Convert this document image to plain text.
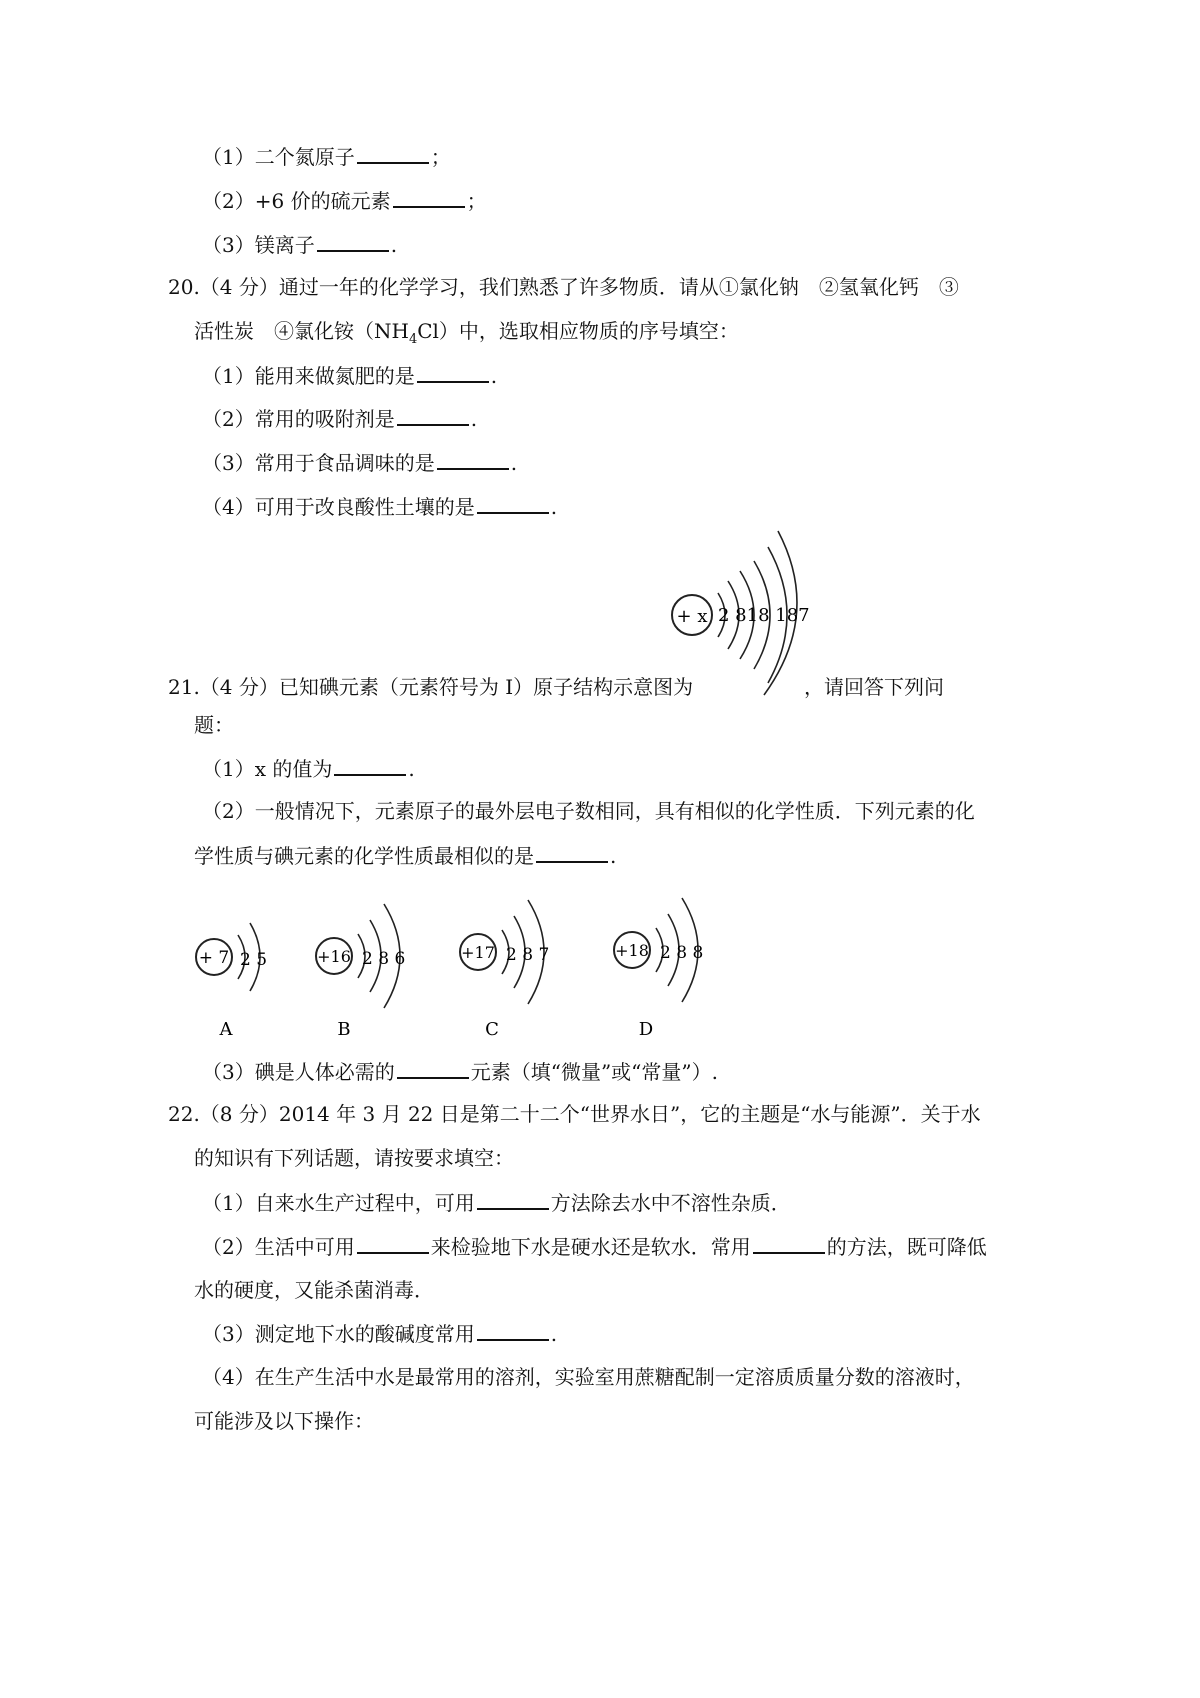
（1）二个氮原子	；
（2）+6 价的硫元素	；
（3）镁离子	.
20.（4 分）通过一年的化学学习，我们熟悉了许多物质．请从①氯化钠　②氢氧化钙　③
活性炭　④氯化铵$(NH_4Cl)$中，选取相应物质的序号填空：
（1）能用来做氮肥的是	.
（2）常用的吸附剂是	.
（3）常用于食品调味的是	.
（4）可用于改良酸性土壤的是	.
+ x 2 818 187
21.（4 分）已知碘元素（元素符号为 I）原子结构示意图为	，请回答下列问
题：
（1）x 的值为	.
（2）一般情况下，元素原子的最外层电子数相同，具有相似的化学性质．下列元素的化
学性质与碘元素的化学性质最相似的是	.
+ 7 2 5
A
+16 2 8 6
B
+17 2 8 7
C
+18 2 8 8
D
（3）碘是人体必需的	元素（填“微量”或“常量”）.
22.（8 分）2014 年 3 月 22 日是第二十二个“世界水日”，它的主题是“水与能源”．关于水
的知识有下列话题，请按要求填空：
（1）自来水生产过程中，可用	方法除去水中不溶性杂质．
（2）生活中可用	来检验地下水是硬水还是软水．常用	的方法，既可降低
水的硬度，又能杀菌消毒．
（3）测定地下水的酸碱度常用	.
（4）在生产生活中水是最常用的溶剂，实验室用蔗糖配制一定溶质质量分数的溶液时，
可能涉及以下操作：
